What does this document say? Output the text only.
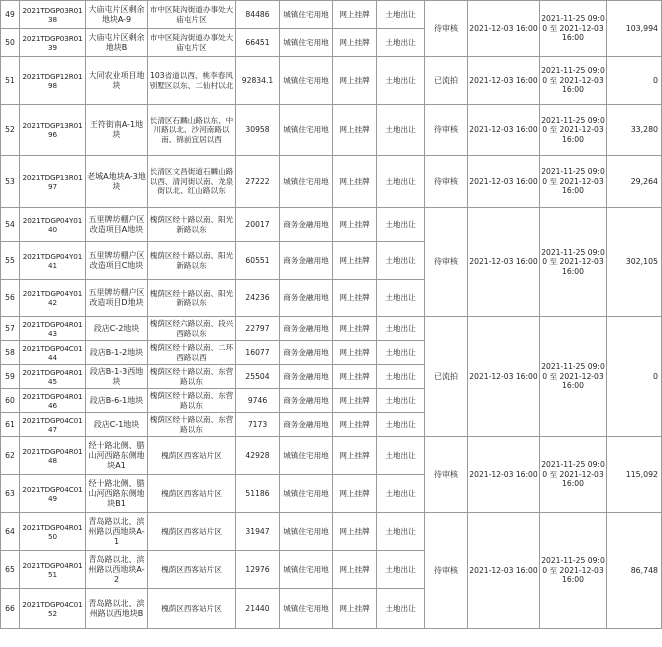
49	2021TDGP03R0138	大庙屯片区剩余地块A-9	市中区陡沟街道办事处大庙屯片区	84486	城镇住宅用地	网上挂牌	土地出让	待审核	2021-12-03 16:00	2021-11-25 09:00 至 2021-12-03 16:00	103,994
50	2021TDGP03R0139	大庙屯片区剩余地块B	市中区陡沟街道办事处大庙屯片区	66451	城镇住宅用地	网上挂牌	土地出让				
51	2021TDGP12R0198	大同农业项目地块	103省道以西、桃李春风别墅区以东、二仙村以北	92834.1	城镇住宅用地	网上挂牌	土地出让	已流拍	2021-12-03 16:00	2021-11-25 09:00 至 2021-12-03 16:00	0
52	2021TDGP13R0196	王符街南A-1地块	长清区石麟山路以东、中川路以北、沙河南路以南、锦前宜居以西	30958	城镇住宅用地	网上挂牌	土地出让	待审核	2021-12-03 16:00	2021-11-25 09:00 至 2021-12-03 16:00	33,280
53	2021TDGP13R0197	老城A地块A-3地块	长清区文昌街道石麟山路以西、清河街以南、龙泉街以北、红山路以东	27222	城镇住宅用地	网上挂牌	土地出让	待审核	2021-12-03 16:00	2021-11-25 09:00 至 2021-12-03 16:00	29,264
54	2021TDGP04Y0140	五里牌坊棚户区改造项目A地块	槐荫区经十路以南、阳光新路以东	20017	商务金融用地	网上挂牌	土地出让	待审核	2021-12-03 16:00	2021-11-25 09:00 至 2021-12-03 16:00	302,105
55	2021TDGP04Y0141	五里牌坊棚户区改造项目C地块	槐荫区经十路以南、阳光新路以东	60551	商务金融用地	网上挂牌	土地出让				
56	2021TDGP04Y0142	五里牌坊棚户区改造项目D地块	槐荫区经十路以南、阳光新路以东	24236	商务金融用地	网上挂牌	土地出让				
57	2021TDGP04R0143	段店C-2地块	槐荫区经六路以南、段兴西路以东	22797	商务金融用地	网上挂牌	土地出让	已流拍	2021-12-03 16:00	2021-11-25 09:00 至 2021-12-03 16:00	0
58	2021TDGP04C0144	段店B-1-2地块	槐荫区经十路以南、二环西路以西	16077	商务金融用地	网上挂牌	土地出让				
59	2021TDGP04R0145	段店B-1-3西地块	槐荫区经十路以南、东营路以东	25504	商务金融用地	网上挂牌	土地出让				
60	2021TDGP04R0146	段店B-6-1地块	槐荫区经十路以南、东营路以东	9746	商务金融用地	网上挂牌	土地出让				
61	2021TDGP04C0147	段店C-1地块	槐荫区经十路以南、东营路以东	7173	商务金融用地	网上挂牌	土地出让				
62	2021TDGP04R0148	经十路北侧、腊山河西路东侧地块A1	槐荫区西客站片区	42928	城镇住宅用地	网上挂牌	土地出让	待审核	2021-12-03 16:00	2021-11-25 09:00 至 2021-12-03 16:00	115,092
63	2021TDGP04C0149	经十路北侧、腊山河西路东侧地块B1	槐荫区西客站片区	51186	城镇住宅用地	网上挂牌	土地出让				
64	2021TDGP04R0150	青岛路以北、滨州路以西地块A-1	槐荫区西客站片区	31947	城镇住宅用地	网上挂牌	土地出让	待审核	2021-12-03 16:00	2021-11-25 09:00 至 2021-12-03 16:00	86,748
65	2021TDGP04R0151	青岛路以北、滨州路以西地块A-2	槐荫区西客站片区	12976	城镇住宅用地	网上挂牌	土地出让				
66	2021TDGP04C0152	青岛路以北、滨州路以西地块B	槐荫区西客站片区	21440	城镇住宅用地	网上挂牌	土地出让				
